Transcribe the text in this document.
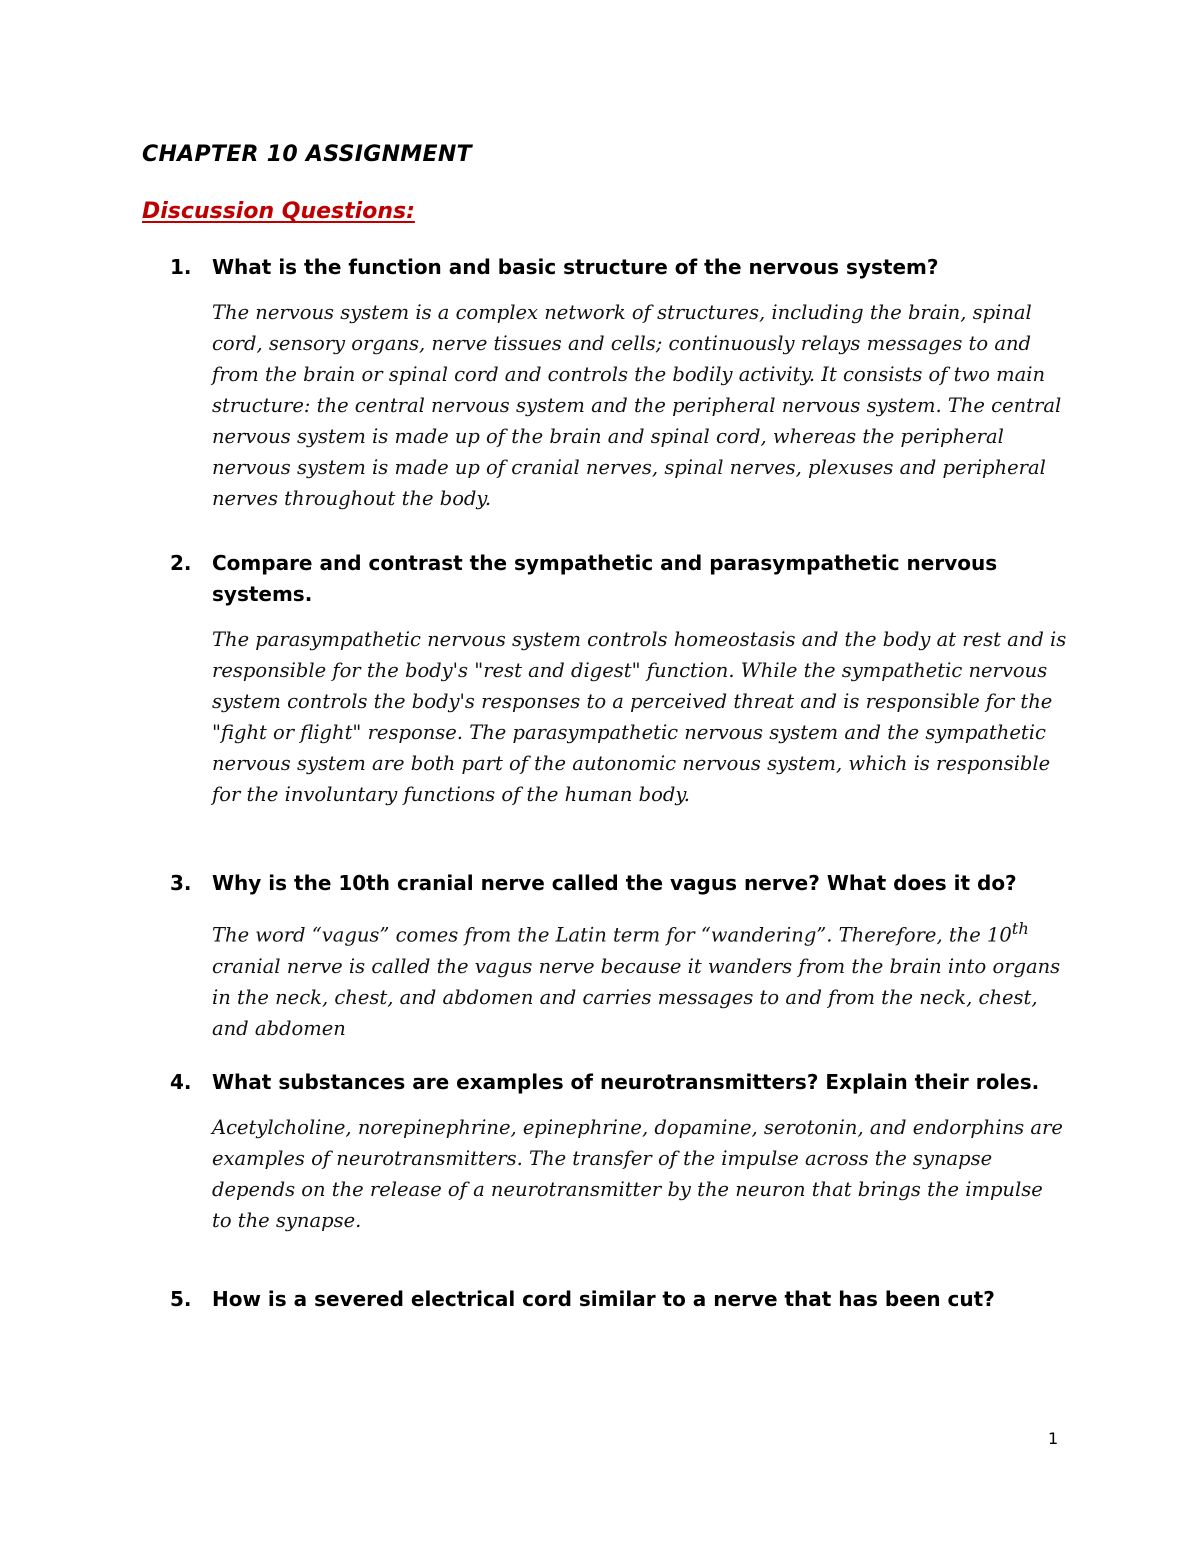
CHAPTER 10 ASSIGNMENT
Discussion Questions:
1.	What is the function and basic structure of the nervous system?

The nervous system is a complex network of structures, including the brain, spinal cord, sensory organs, nerve tissues and cells; continuously relays messages to and from the brain or spinal cord and controls the bodily activity. It consists of two main structure: the central nervous system and the peripheral nervous system. The central nervous system is made up of the brain and spinal cord, whereas the peripheral nervous system is made up of cranial nerves, spinal nerves, plexuses and peripheral nerves throughout the body.

2.	Compare and contrast the sympathetic and parasympathetic nervous systems.

The parasympathetic nervous system controls homeostasis and the body at rest and is responsible for the body's "rest and digest" function. While the sympathetic nervous system controls the body's responses to a perceived threat and is responsible for the "fight or flight" response. The parasympathetic nervous system and the sympathetic nervous system are both part of the autonomic nervous system, which is responsible for the involuntary functions of the human body.

3.	Why is the 10th cranial nerve called the vagus nerve? What does it do?

The word “vagus” comes from the Latin term for “wandering”. Therefore, the 10th cranial nerve is called the vagus nerve because it wanders from the brain into organs in the neck, chest, and abdomen and carries messages to and from the neck, chest, and abdomen

4.	What substances are examples of neurotransmitters? Explain their roles.

Acetylcholine, norepinephrine, epinephrine, dopamine, serotonin, and endorphins are examples of neurotransmitters. The transfer of the impulse across the synapse depends on the release of a neurotransmitter by the neuron that brings the impulse to the synapse.

5.	How is a severed electrical cord similar to a nerve that has been cut?
1
